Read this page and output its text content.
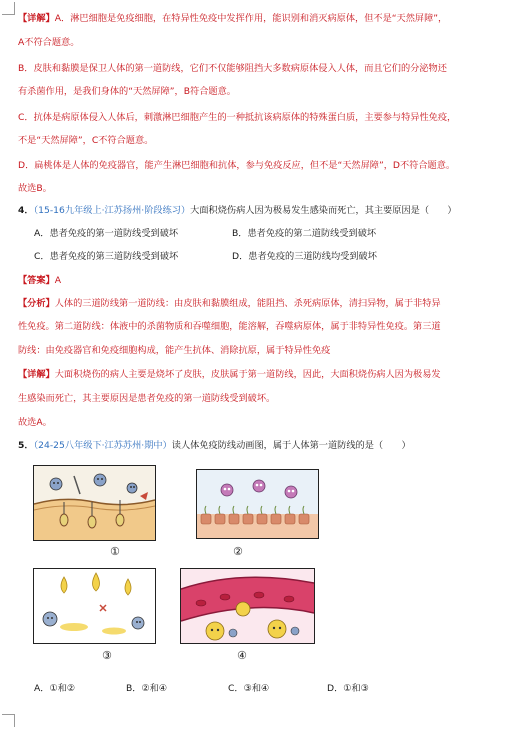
【详解】A．淋巴细胞是免疫细胞，在特异性免疫中发挥作用，能识别和消灭病原体，但不是“天然屏障”，
A不符合题意。
B．皮肤和黏膜是保卫人体的第一道防线，它们不仅能够阻挡大多数病原体侵入人体，而且它们的分泌物还
有杀菌作用，是我们身体的“天然屏障”，B符合题意。
C．抗体是病原体侵入人体后，刺激淋巴细胞产生的一种抵抗该病原体的特殊蛋白质，主要参与特异性免疫，
不是“天然屏障”，C不符合题意。
D．扁桃体是人体的免疫器官，能产生淋巴细胞和抗体，参与免疫反应，但不是“天然屏障”，D不符合题意。
故选B。
4．（15-16九年级上·江苏扬州·阶段练习）大面积烧伤病人因为极易发生感染而死亡，其主要原因是（　　）
A．患者免疫的第一道防线受到破坏	B．患者免疫的第二道防线受到破坏
C．患者免疫的第三道防线受到破坏	D．患者免疫的三道防线均受到破坏
【答案】A
【分析】人体的三道防线第一道防线：由皮肤和黏膜组成，能阻挡、杀死病原体，清扫异物，属于非特异
性免疫。第二道防线：体液中的杀菌物质和吞噬细胞，能溶解，吞噬病原体，属于非特异性免疫。第三道
防线：由免疫器官和免疫细胞构成，能产生抗体、消除抗原，属于特异性免疫
【详解】大面积烧伤的病人主要是烧坏了皮肤，皮肤属于第一道防线，因此，大面积烧伤病人因为极易发
生感染而死亡，其主要原因是患者免疫的第一道防线受到破坏。
故选A。
5．（24-25八年级下·江苏苏州·期中）读人体免疫防线动画图，属于人体第一道防线的是（　　）
①	②
③	④
A．①和②	B．②和④	C．③和④	D．①和③
